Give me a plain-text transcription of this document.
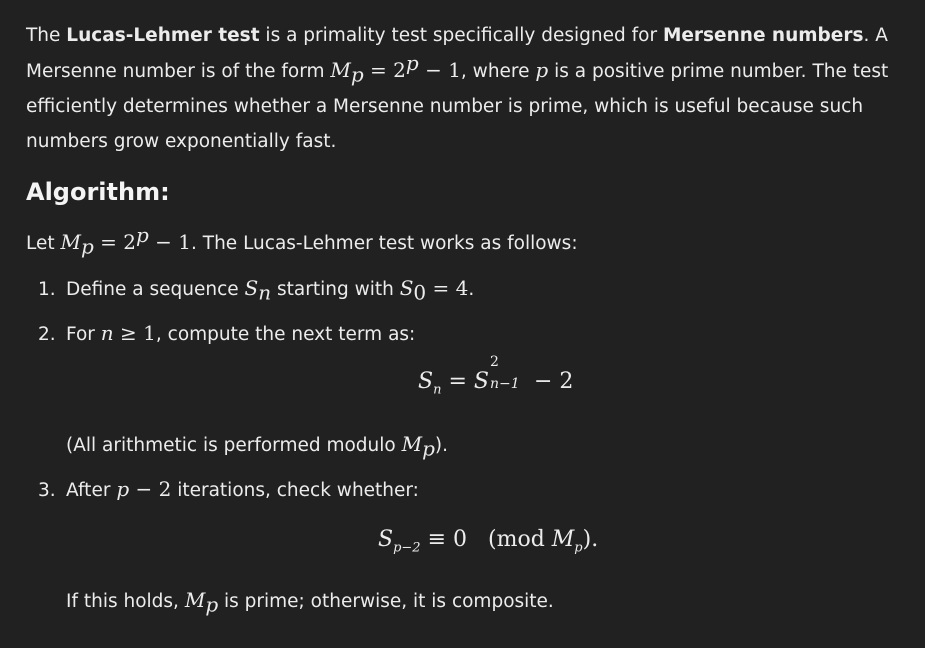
The Lucas-Lehmer test is a primality test specifically designed for Mersenne numbers. A Mersenne number is of the form $M_p = 2^p - 1$, where p is a positive prime number. The test efficiently determines whether a Mersenne number is prime, which is useful because such numbers grow exponentially fast.

Algorithm:

Let $M_p = 2^p - 1$. The Lucas-Lehmer test works as follows:

1. Define a sequence $S_n$ starting with $S_0 = 4$.

2. For n ≥ 1, compute the next term as:

$S_n = S$
2
n−1 − 2

(All arithmetic is performed modulo $M_p$).

3. After p − 2 iterations, check whether:

$S_{p-2} \equiv 0$ (mod $M_p$).

If this holds, $M_p$ is prime; otherwise, it is composite.
